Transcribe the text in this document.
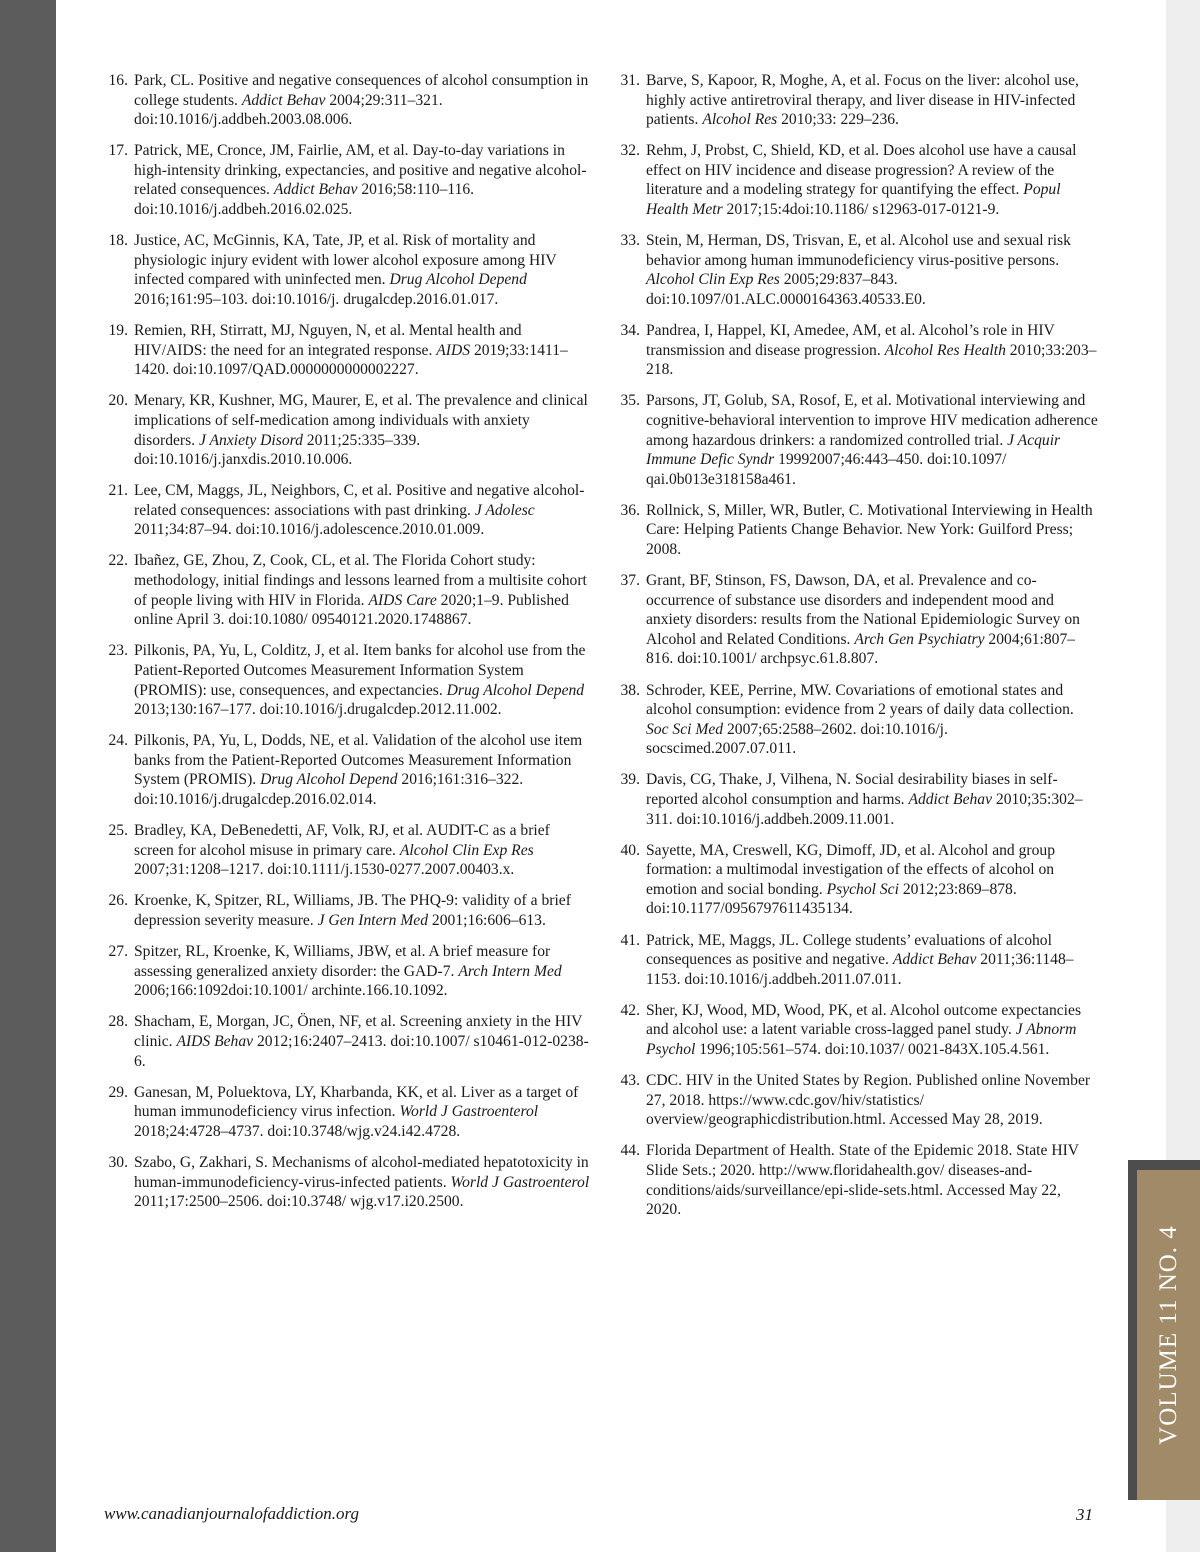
16. Park, CL. Positive and negative consequences of alcohol consumption in college students. Addict Behav 2004;29:311–321. doi:10.1016/j.addbeh.2003.08.006.
17. Patrick, ME, Cronce, JM, Fairlie, AM, et al. Day-to-day variations in high-intensity drinking, expectancies, and positive and negative alcohol-related consequences. Addict Behav 2016;58:110–116. doi:10.1016/j.addbeh.2016.02.025.
18. Justice, AC, McGinnis, KA, Tate, JP, et al. Risk of mortality and physiologic injury evident with lower alcohol exposure among HIV infected compared with uninfected men. Drug Alcohol Depend 2016;161:95–103. doi:10.1016/j. drugalcdep.2016.01.017.
19. Remien, RH, Stirratt, MJ, Nguyen, N, et al. Mental health and HIV/AIDS: the need for an integrated response. AIDS 2019;33:1411–1420. doi:10.1097/QAD.0000000000002227.
20. Menary, KR, Kushner, MG, Maurer, E, et al. The prevalence and clinical implications of self-medication among individuals with anxiety disorders. J Anxiety Disord 2011;25:335–339. doi:10.1016/j.janxdis.2010.10.006.
21. Lee, CM, Maggs, JL, Neighbors, C, et al. Positive and negative alcohol-related consequences: associations with past drinking. J Adolesc 2011;34:87–94. doi:10.1016/j.adolescence.2010.01.009.
22. Ibañez, GE, Zhou, Z, Cook, CL, et al. The Florida Cohort study: methodology, initial findings and lessons learned from a multisite cohort of people living with HIV in Florida. AIDS Care 2020;1–9. Published online April 3. doi:10.1080/ 09540121.2020.1748867.
23. Pilkonis, PA, Yu, L, Colditz, J, et al. Item banks for alcohol use from the Patient-Reported Outcomes Measurement Information System (PROMIS): use, consequences, and expectancies. Drug Alcohol Depend 2013;130:167–177. doi:10.1016/j.drugalcdep.2012.11.002.
24. Pilkonis, PA, Yu, L, Dodds, NE, et al. Validation of the alcohol use item banks from the Patient-Reported Outcomes Measurement Information System (PROMIS). Drug Alcohol Depend 2016;161:316–322. doi:10.1016/j.drugalcdep.2016.02.014.
25. Bradley, KA, DeBenedetti, AF, Volk, RJ, et al. AUDIT-C as a brief screen for alcohol misuse in primary care. Alcohol Clin Exp Res 2007;31:1208–1217. doi:10.1111/j.1530-0277.2007.00403.x.
26. Kroenke, K, Spitzer, RL, Williams, JB. The PHQ-9: validity of a brief depression severity measure. J Gen Intern Med 2001;16:606–613.
27. Spitzer, RL, Kroenke, K, Williams, JBW, et al. A brief measure for assessing generalized anxiety disorder: the GAD-7. Arch Intern Med 2006;166:1092doi:10.1001/ archinte.166.10.1092.
28. Shacham, E, Morgan, JC, Önen, NF, et al. Screening anxiety in the HIV clinic. AIDS Behav 2012;16:2407–2413. doi:10.1007/ s10461-012-0238-6.
29. Ganesan, M, Poluektova, LY, Kharbanda, KK, et al. Liver as a target of human immunodeficiency virus infection. World J Gastroenterol 2018;24:4728–4737. doi:10.3748/wjg.v24.i42.4728.
30. Szabo, G, Zakhari, S. Mechanisms of alcohol-mediated hepatotoxicity in human-immunodeficiency-virus-infected patients. World J Gastroenterol 2011;17:2500–2506. doi:10.3748/ wjg.v17.i20.2500.
31. Barve, S, Kapoor, R, Moghe, A, et al. Focus on the liver: alcohol use, highly active antiretroviral therapy, and liver disease in HIV-infected patients. Alcohol Res 2010;33: 229–236.
32. Rehm, J, Probst, C, Shield, KD, et al. Does alcohol use have a causal effect on HIV incidence and disease progression? A review of the literature and a modeling strategy for quantifying the effect. Popul Health Metr 2017;15:4doi:10.1186/ s12963-017-0121-9.
33. Stein, M, Herman, DS, Trisvan, E, et al. Alcohol use and sexual risk behavior among human immunodeficiency virus-positive persons. Alcohol Clin Exp Res 2005;29:837–843. doi:10.1097/01.ALC.0000164363.40533.E0.
34. Pandrea, I, Happel, KI, Amedee, AM, et al. Alcohol’s role in HIV transmission and disease progression. Alcohol Res Health 2010;33:203–218.
35. Parsons, JT, Golub, SA, Rosof, E, et al. Motivational interviewing and cognitive-behavioral intervention to improve HIV medication adherence among hazardous drinkers: a randomized controlled trial. J Acquir Immune Defic Syndr 19992007;46:443–450. doi:10.1097/ qai.0b013e318158a461.
36. Rollnick, S, Miller, WR, Butler, C. Motivational Interviewing in Health Care: Helping Patients Change Behavior. New York: Guilford Press; 2008.
37. Grant, BF, Stinson, FS, Dawson, DA, et al. Prevalence and co-occurrence of substance use disorders and independent mood and anxiety disorders: results from the National Epidemiologic Survey on Alcohol and Related Conditions. Arch Gen Psychiatry 2004;61:807–816. doi:10.1001/ archpsyc.61.8.807.
38. Schroder, KEE, Perrine, MW. Covariations of emotional states and alcohol consumption: evidence from 2 years of daily data collection. Soc Sci Med 2007;65:2588–2602. doi:10.1016/j. socscimed.2007.07.011.
39. Davis, CG, Thake, J, Vilhena, N. Social desirability biases in self-reported alcohol consumption and harms. Addict Behav 2010;35:302–311. doi:10.1016/j.addbeh.2009.11.001.
40. Sayette, MA, Creswell, KG, Dimoff, JD, et al. Alcohol and group formation: a multimodal investigation of the effects of alcohol on emotion and social bonding. Psychol Sci 2012;23:869–878. doi:10.1177/0956797611435134.
41. Patrick, ME, Maggs, JL. College students’ evaluations of alcohol consequences as positive and negative. Addict Behav 2011;36:1148–1153. doi:10.1016/j.addbeh.2011.07.011.
42. Sher, KJ, Wood, MD, Wood, PK, et al. Alcohol outcome expectancies and alcohol use: a latent variable cross-lagged panel study. J Abnorm Psychol 1996;105:561–574. doi:10.1037/ 0021-843X.105.4.561.
43. CDC. HIV in the United States by Region. Published online November 27, 2018. https://www.cdc.gov/hiv/statistics/ overview/geographicdistribution.html. Accessed May 28, 2019.
44. Florida Department of Health. State of the Epidemic 2018. State HIV Slide Sets.; 2020. http://www.floridahealth.gov/ diseases-and-conditions/aids/surveillance/epi-slide-sets.html. Accessed May 22, 2020.
VOLUME 11 NO. 4
www.canadianjournalofaddiction.org	31
